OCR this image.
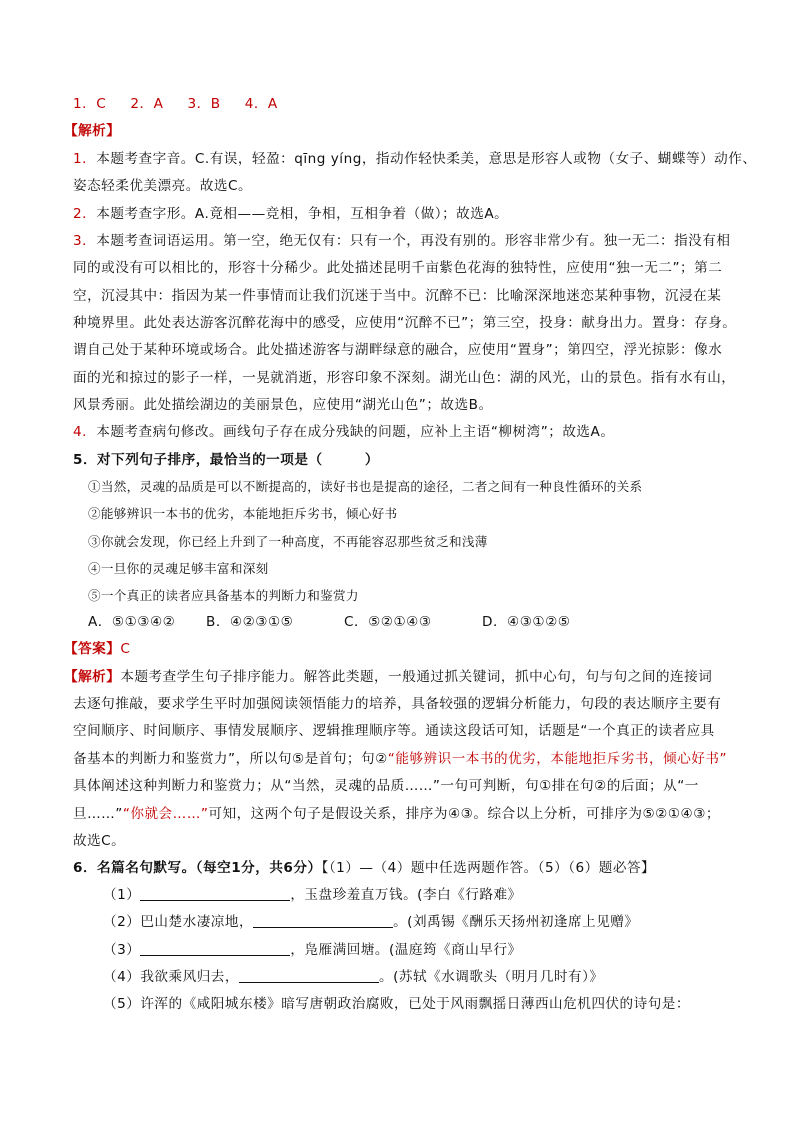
1．C 2．A 3．B 4．A
【解析】
1．本题考查字音。C.有误，轻盈：qīng yíng，指动作轻快柔美，意思是形容人或物（女子、蝴蝶等）动作、
姿态轻柔优美漂亮。故选C。
2．本题考查字形。A.竟相——竞相，争相，互相争着（做）；故选A。
3．本题考查词语运用。第一空，绝无仅有：只有一个，再没有别的。形容非常少有。独一无二：指没有相
同的或没有可以相比的，形容十分稀少。此处描述昆明千亩紫色花海的独特性，应使用“独一无二”；第二
空，沉浸其中：指因为某一件事情而让我们沉迷于当中。沉醉不已：比喻深深地迷恋某种事物，沉浸在某
种境界里。此处表达游客沉醉花海中的感受，应使用“沉醉不已”；第三空，投身：献身出力。置身：存身。
谓自己处于某种环境或场合。此处描述游客与湖畔绿意的融合，应使用“置身”；第四空，浮光掠影：像水
面的光和掠过的影子一样，一晃就消逝，形容印象不深刻。湖光山色：湖的风光，山的景色。指有水有山，
风景秀丽。此处描绘湖边的美丽景色，应使用“湖光山色”；故选B。
4．本题考查病句修改。画线句子存在成分残缺的问题，应补上主语“柳树湾”；故选A。
5．对下列句子排序，最恰当的一项是（　　　）
①当然，灵魂的品质是可以不断提高的，读好书也是提高的途径，二者之间有一种良性循环的关系
②能够辨识一本书的优劣，本能地拒斥劣书，倾心好书
③你就会发现，你已经上升到了一种高度，不再能容忍那些贫乏和浅薄
④一旦你的灵魂足够丰富和深刻
⑤一个真正的读者应具备基本的判断力和鉴赏力
A．⑤①③④② B．④②③①⑤	C．⑤②①④③	D．④③①②⑤
【答案】C
【解析】本题考查学生句子排序能力。解答此类题，一般通过抓关键词，抓中心句，句与句之间的连接词
去逐句推敲，要求学生平时加强阅读领悟能力的培养，具备较强的逻辑分析能力，句段的表达顺序主要有
空间顺序、时间顺序、事情发展顺序、逻辑推理顺序等。通读这段话可知，话题是“一个真正的读者应具
备基本的判断力和鉴赏力”，所以句⑤是首句；句②“能够辨识一本书的优劣，本能地拒斥劣书，倾心好书”
具体阐述这种判断力和鉴赏力；从“当然，灵魂的品质……”一句可判断，句①排在句②的后面；从“一
旦……”“你就会……”可知，这两个句子是假设关系，排序为④③。综合以上分析，可排序为⑤②①④③；
故选C。
6．名篇名句默写。（每空1分，共6分）【（1）—（4）题中任选两题作答。（5）（6）题必答】
（1）	，玉盘珍羞直万钱。(李白《行路难》
（2）巴山楚水凄凉地，	。(刘禹锡《酬乐天扬州初逢席上见赠》
（3）	，凫雁满回塘。(温庭筠《商山早行》
（4）我欲乘风归去，	。(苏轼《水调歌头（明月几时有）》
（5）许浑的《咸阳城东楼》暗写唐朝政治腐败，已处于风雨飘摇日薄西山危机四伏的诗句是：
